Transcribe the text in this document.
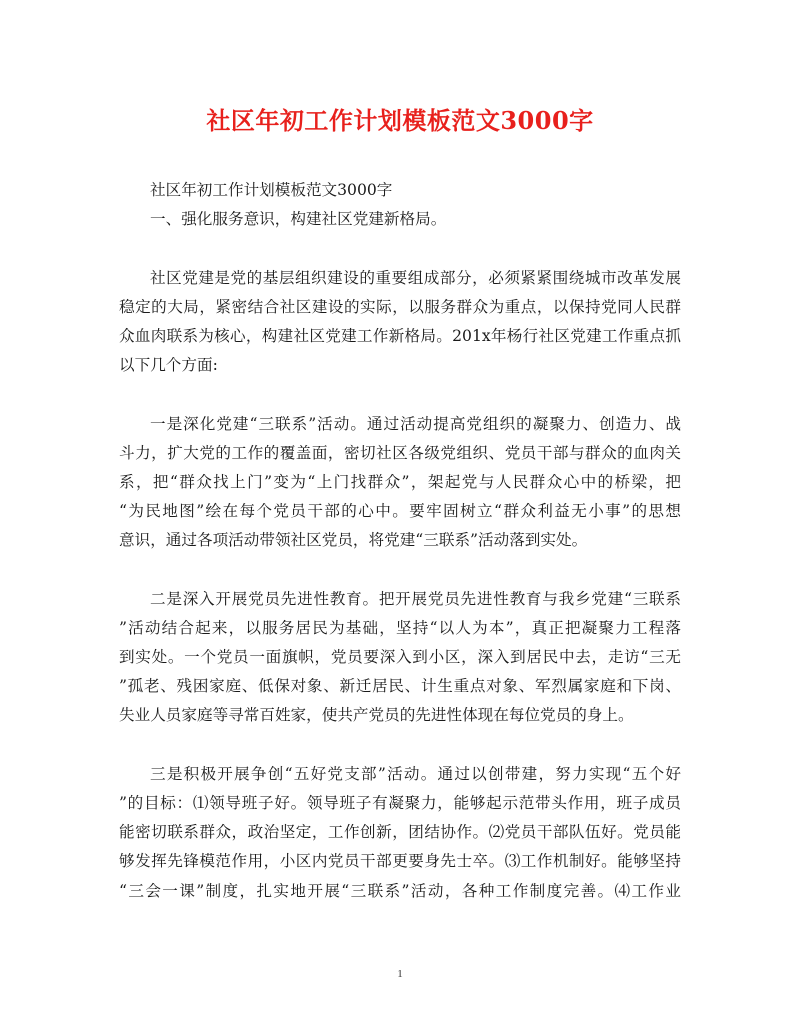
社区年初工作计划模板范文3000字
社区年初工作计划模板范文3000字
一、强化服务意识，构建社区党建新格局。
社区党建是党的基层组织建设的重要组成部分，必须紧紧围绕城市改革发展
稳定的大局，紧密结合社区建设的实际，以服务群众为重点，以保持党同人民群
众血肉联系为核心，构建社区党建工作新格局。201x年杨行社区党建工作重点抓
以下几个方面:
一是深化党建“三联系”活动。通过活动提高党组织的凝聚力、创造力、战
斗力，扩大党的工作的覆盖面，密切社区各级党组织、党员干部与群众的血肉关
系，把“群众找上门”变为“上门找群众”，架起党与人民群众心中的桥梁，把
“为民地图”绘在每个党员干部的心中。要牢固树立“群众利益无小事”的思想
意识，通过各项活动带领社区党员，将党建“三联系”活动落到实处。
二是深入开展党员先进性教育。把开展党员先进性教育与我乡党建“三联系
”活动结合起来，以服务居民为基础，坚持“以人为本”，真正把凝聚力工程落
到实处。一个党员一面旗帜，党员要深入到小区，深入到居民中去，走访“三无
”孤老、残困家庭、低保对象、新迁居民、计生重点对象、军烈属家庭和下岗、
失业人员家庭等寻常百姓家，使共产党员的先进性体现在每位党员的身上。
三是积极开展争创“五好党支部”活动。通过以创带建，努力实现“五个好
”的目标：⑴领导班子好。领导班子有凝聚力，能够起示范带头作用，班子成员
能密切联系群众，政治坚定，工作创新，团结协作。⑵党员干部队伍好。党员能
够发挥先锋模范作用，小区内党员干部更要身先士卒。⑶工作机制好。能够坚持
“三会一课”制度，扎实地开展“三联系”活动，各种工作制度完善。⑷工作业
1
